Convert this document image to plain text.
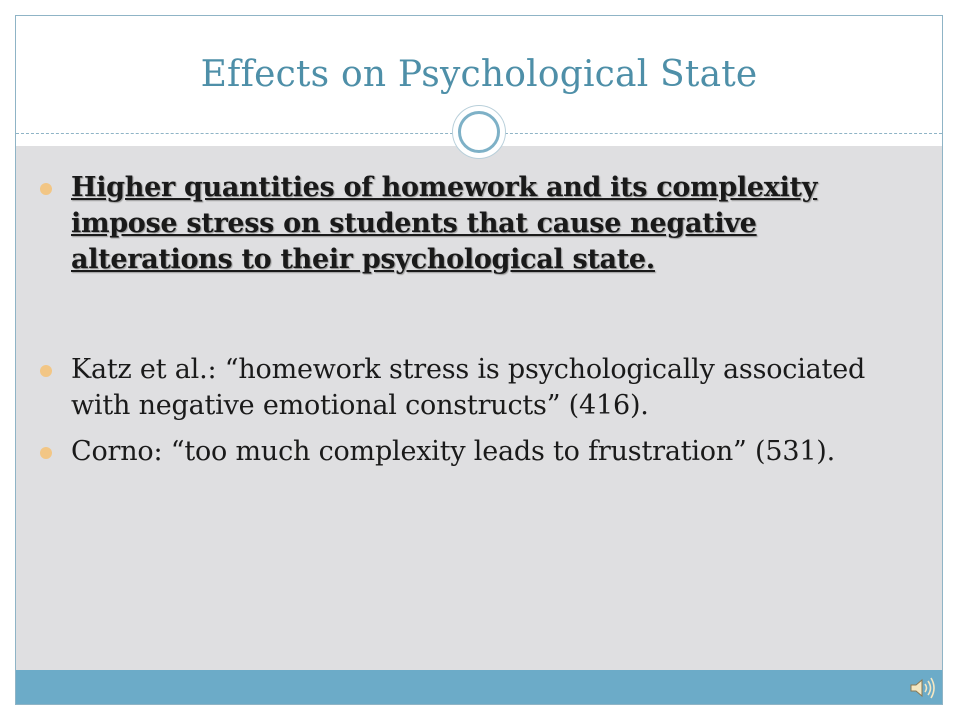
Effects on Psychological State
Higher quantities of homework and its complexity impose stress on students that cause negative alterations to their psychological state.
Katz et al.: “homework stress is psychologically associated with negative emotional constructs” (416).
Corno: “too much complexity leads to frustration” (531).
